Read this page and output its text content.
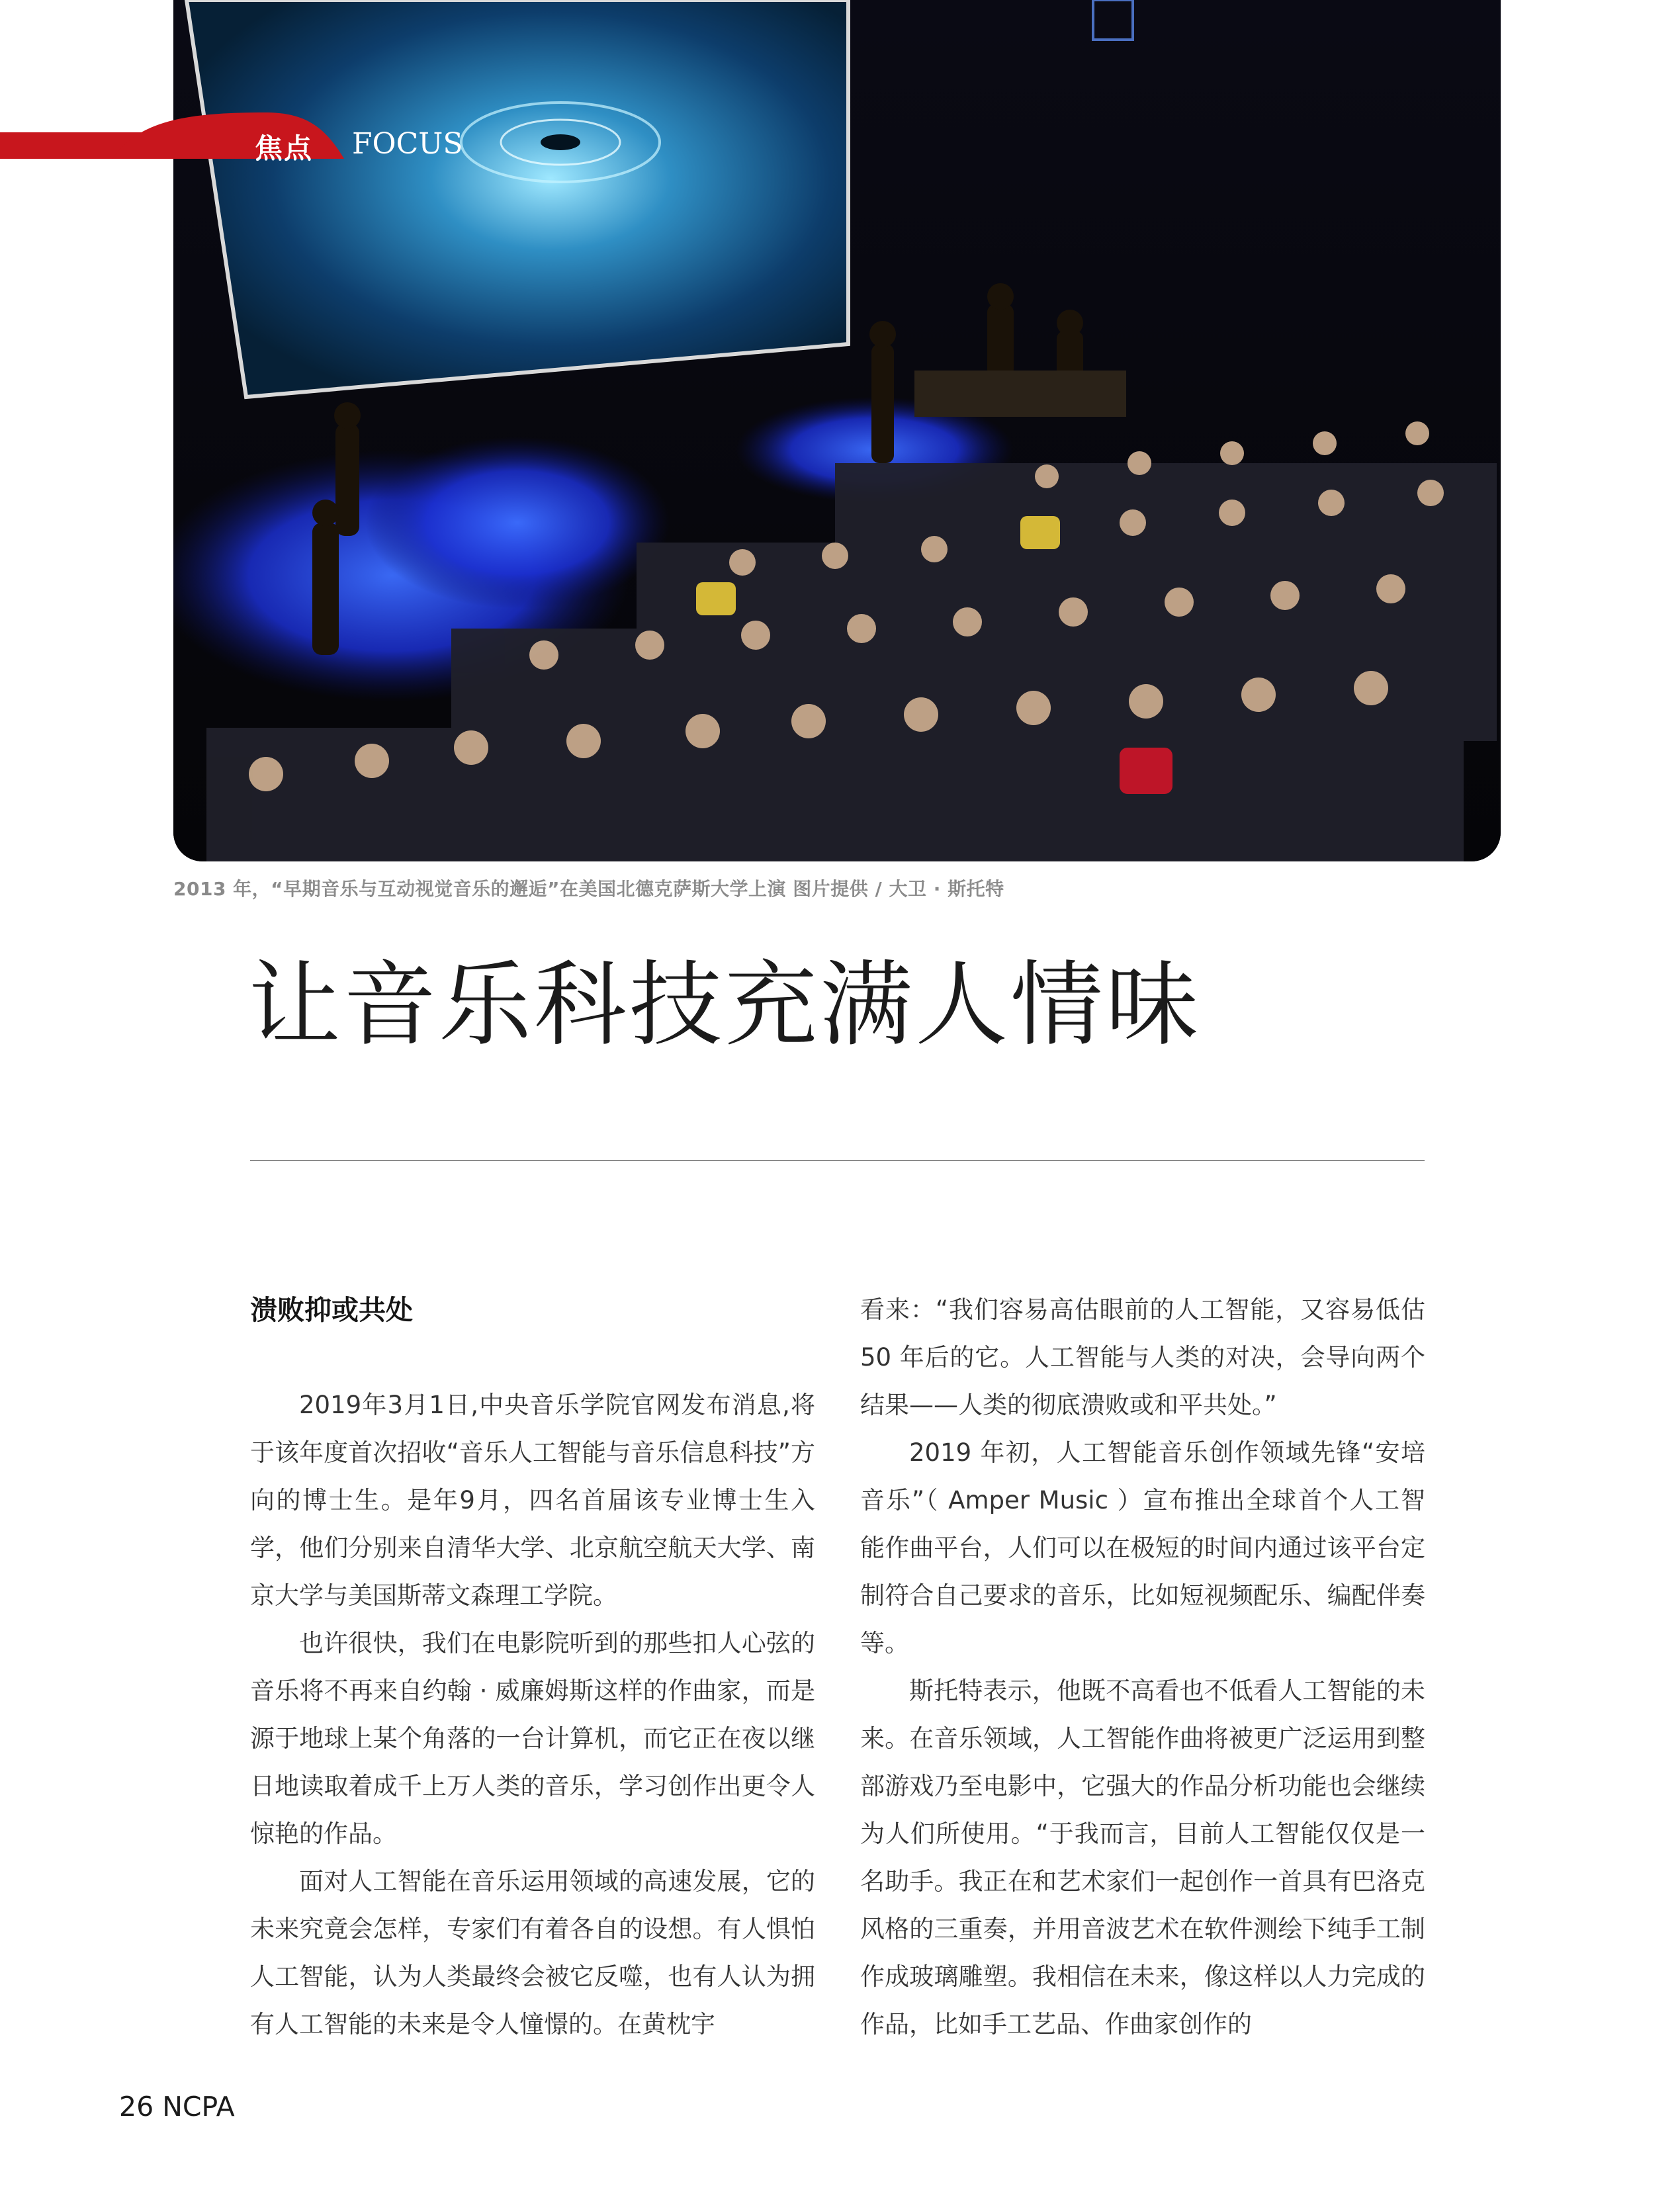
焦点 FOCUS
2013 年，“早期音乐与互动视觉音乐的邂逅”在美国北德克萨斯大学上演 图片提供 / 大卫 · 斯托特
让音乐科技充满人情味

溃败抑或共处

2019年3月1日,中央音乐学院官网发布消息,将于该年度首次招收“音乐人工智能与音乐信息科技”方向的博士生。是年9月，四名首届该专业博士生入学，他们分别来自清华大学、北京航空航天大学、南京大学与美国斯蒂文森理工学院。

也许很快，我们在电影院听到的那些扣人心弦的音乐将不再来自约翰 · 威廉姆斯这样的作曲家，而是源于地球上某个角落的一台计算机，而它正在夜以继日地读取着成千上万人类的音乐，学习创作出更令人惊艳的作品。

面对人工智能在音乐运用领域的高速发展，它的未来究竟会怎样，专家们有着各自的设想。有人惧怕人工智能，认为人类最终会被它反噬，也有人认为拥有人工智能的未来是令人憧憬的。在黄枕宇

看来：“我们容易高估眼前的人工智能，又容易低估 50 年后的它。人工智能与人类的对决，会导向两个结果——人类的彻底溃败或和平共处。”

2019 年初，人工智能音乐创作领域先锋“安培音乐”（ Amper Music ）宣布推出全球首个人工智能作曲平台，人们可以在极短的时间内通过该平台定制符合自己要求的音乐，比如短视频配乐、编配伴奏等。

斯托特表示，他既不高看也不低看人工智能的未来。在音乐领域，人工智能作曲将被更广泛运用到整部游戏乃至电影中，它强大的作品分析功能也会继续为人们所使用。“于我而言，目前人工智能仅仅是一名助手。我正在和艺术家们一起创作一首具有巴洛克风格的三重奏，并用音波艺术在软件测绘下纯手工制作成玻璃雕塑。我相信在未来，像这样以人力完成的作品，比如手工艺品、作曲家创作的

26 NCPA
